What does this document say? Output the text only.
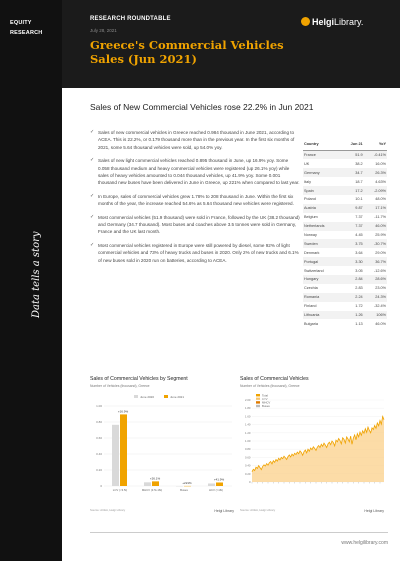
EQUITY
RESEARCH
Data tells a story
RESEARCH ROUNDTABLE
July 28, 2021
Greece's Commercial Vehicles Sales (Jun 2021)
HelgiLibrary.
Sales of New Commercial Vehicles rose 22.2% in Jun 2021
✓ Sales of new commercial vehicles in Greece reached 0.984 thousand in June 2021, according to ACEA. This is 22.2%, or 0.179 thousand more than in the previous year. In the first six months of 2021, some 5.64 thousand vehicles were sold, up 54.0% yoy.
✓ Sales of new light commercial vehicles reached 0.895 thousand in June, up 16.9% yoy. Some 0.058 thousand medium and heavy commercial vehicles were registered (up 26.1% yoy) while sales of heavy vehicles amounted to 0.044 thousand vehicles, up 41.9% yoy. Some 0.001 thousand new buses have been delivered in June in Greece, up 221% when compared to last year.
✓ In Europe, sales of commercial vehicles grew 1.78% to 208 thousand in June. Within the first six months of the year, the increase reached 54.6% as 5.64 thousand new vehicles were registered.
✓ Most commercial vehicles (51.9 thousand) were sold in France, followed by the UK (38.2 thousand) and Germany (34.7 thousand). Most buses and coaches above 3.5 tonnes were sold in Germany, France and the UK last month.
✓ Most commercial vehicles registered in Europe were still powered by diesel, some 92% of light commercial vehicles and 73% of heavy trucks and buses in 2020. Only 2% of new trucks and 6.1% of new buses sold in 2020 run on batteries, according to ACEA.
Country	Jun 21	YoY
France	51.9	-0.41%
UK	38.2	16.0%
Germany	34.7	26.3%
Italy	18.7	4.63%
Spain	17.2	-2.09%
Poland	10.1	48.0%
Austria	9.87	17.1%
Belgium	7.37	-11.7%
Netherlands	7.37	46.0%
Norway	4.45	25.9%
Sweden	3.75	-30.7%
Denmark	3.64	29.0%
Portugal	3.30	36.7%
Switzerland	3.05	-12.6%
Hungary	2.84	28.6%
Czechia	2.83	23.0%
Romania	2.24	24.3%
Finland	1.72	-32.4%
Lithuania	1.26	106%
Bulgaria	1.13	46.0%
Sales of Commercial Vehicles by Segment
Number of Vehicles (thousand), Greece
June 2020	June 2021
0
0.20
0.40
0.60
0.80
1.00
+16.9%
LCV (<3.5t)
+26.1%
MHCV (3.5t-16t)
+221%
Buses
+41.9%
HCV (>16t)
Source: ACEA, Helgi Library	Helgi Library
Sales of Commercial Vehicles
Number of Vehicles (thousand), Greece
Total
LCV
MHCV
Buses
0
0.20
0.40
0.60
0.80
1.00
1.20
1.40
1.60
1.80
2.00
Source: ACEA, Helgi Library	Helgi Library
www.helgilibrary.com
